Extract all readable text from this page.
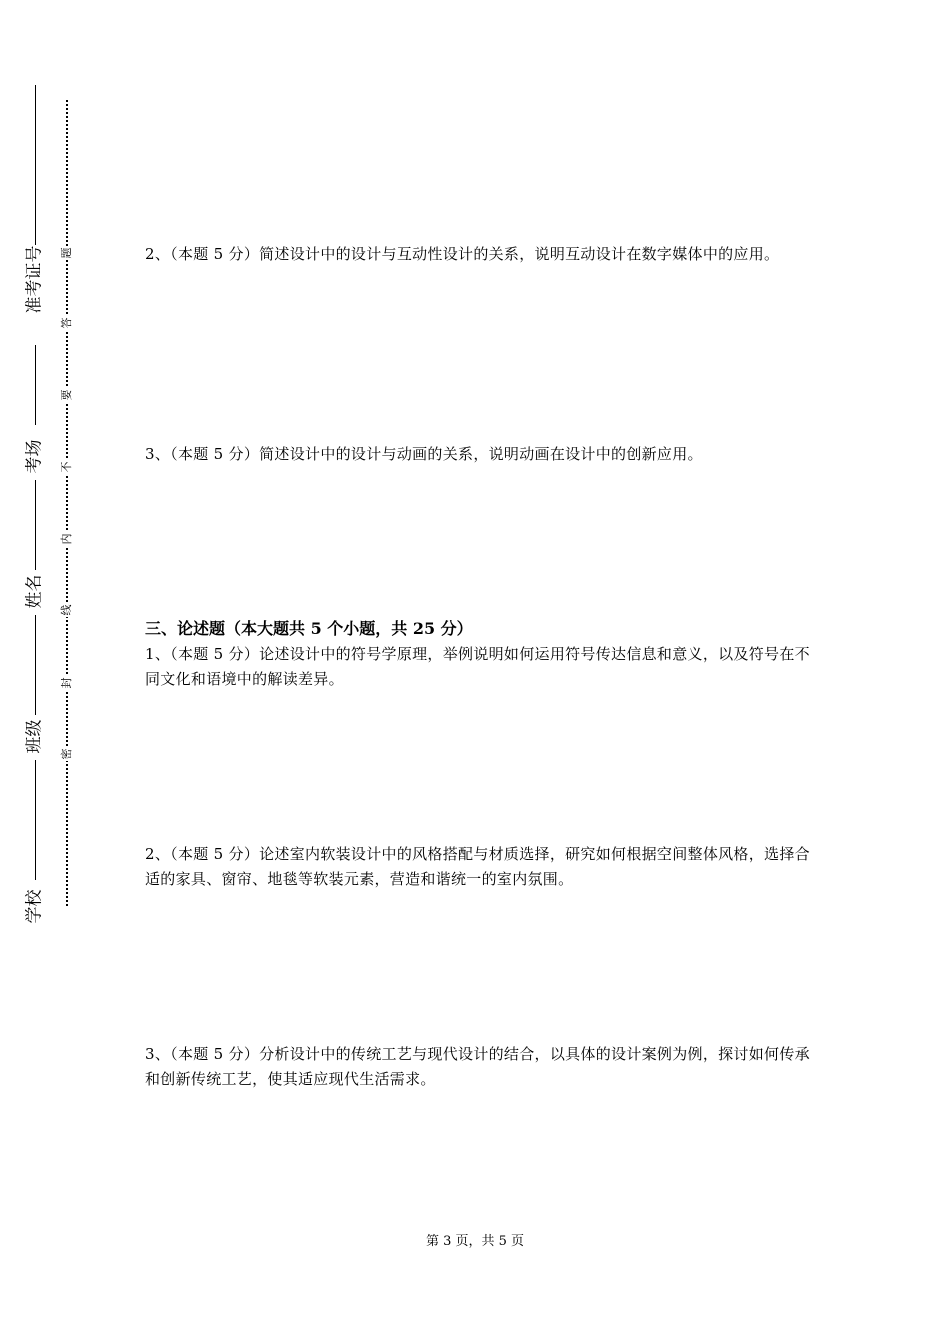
准考证号
考场
姓名
班级
学校
题
答
要
不
内
线
封
密
2、（本题 5 分）简述设计中的设计与互动性设计的关系，说明互动设计在数字媒体中的应用。
3、（本题 5 分）简述设计中的设计与动画的关系，说明动画在设计中的创新应用。
三、论述题（本大题共 5 个小题，共 25 分）
1、（本题 5 分）论述设计中的符号学原理，举例说明如何运用符号传达信息和意义，以及符号在不同文化和语境中的解读差异。
2、（本题 5 分）论述室内软装设计中的风格搭配与材质选择，研究如何根据空间整体风格，选择合适的家具、窗帘、地毯等软装元素，营造和谐统一的室内氛围。
3、（本题 5 分）分析设计中的传统工艺与现代设计的结合，以具体的设计案例为例，探讨如何传承和创新传统工艺，使其适应现代生活需求。
第 3 页，共 5 页
